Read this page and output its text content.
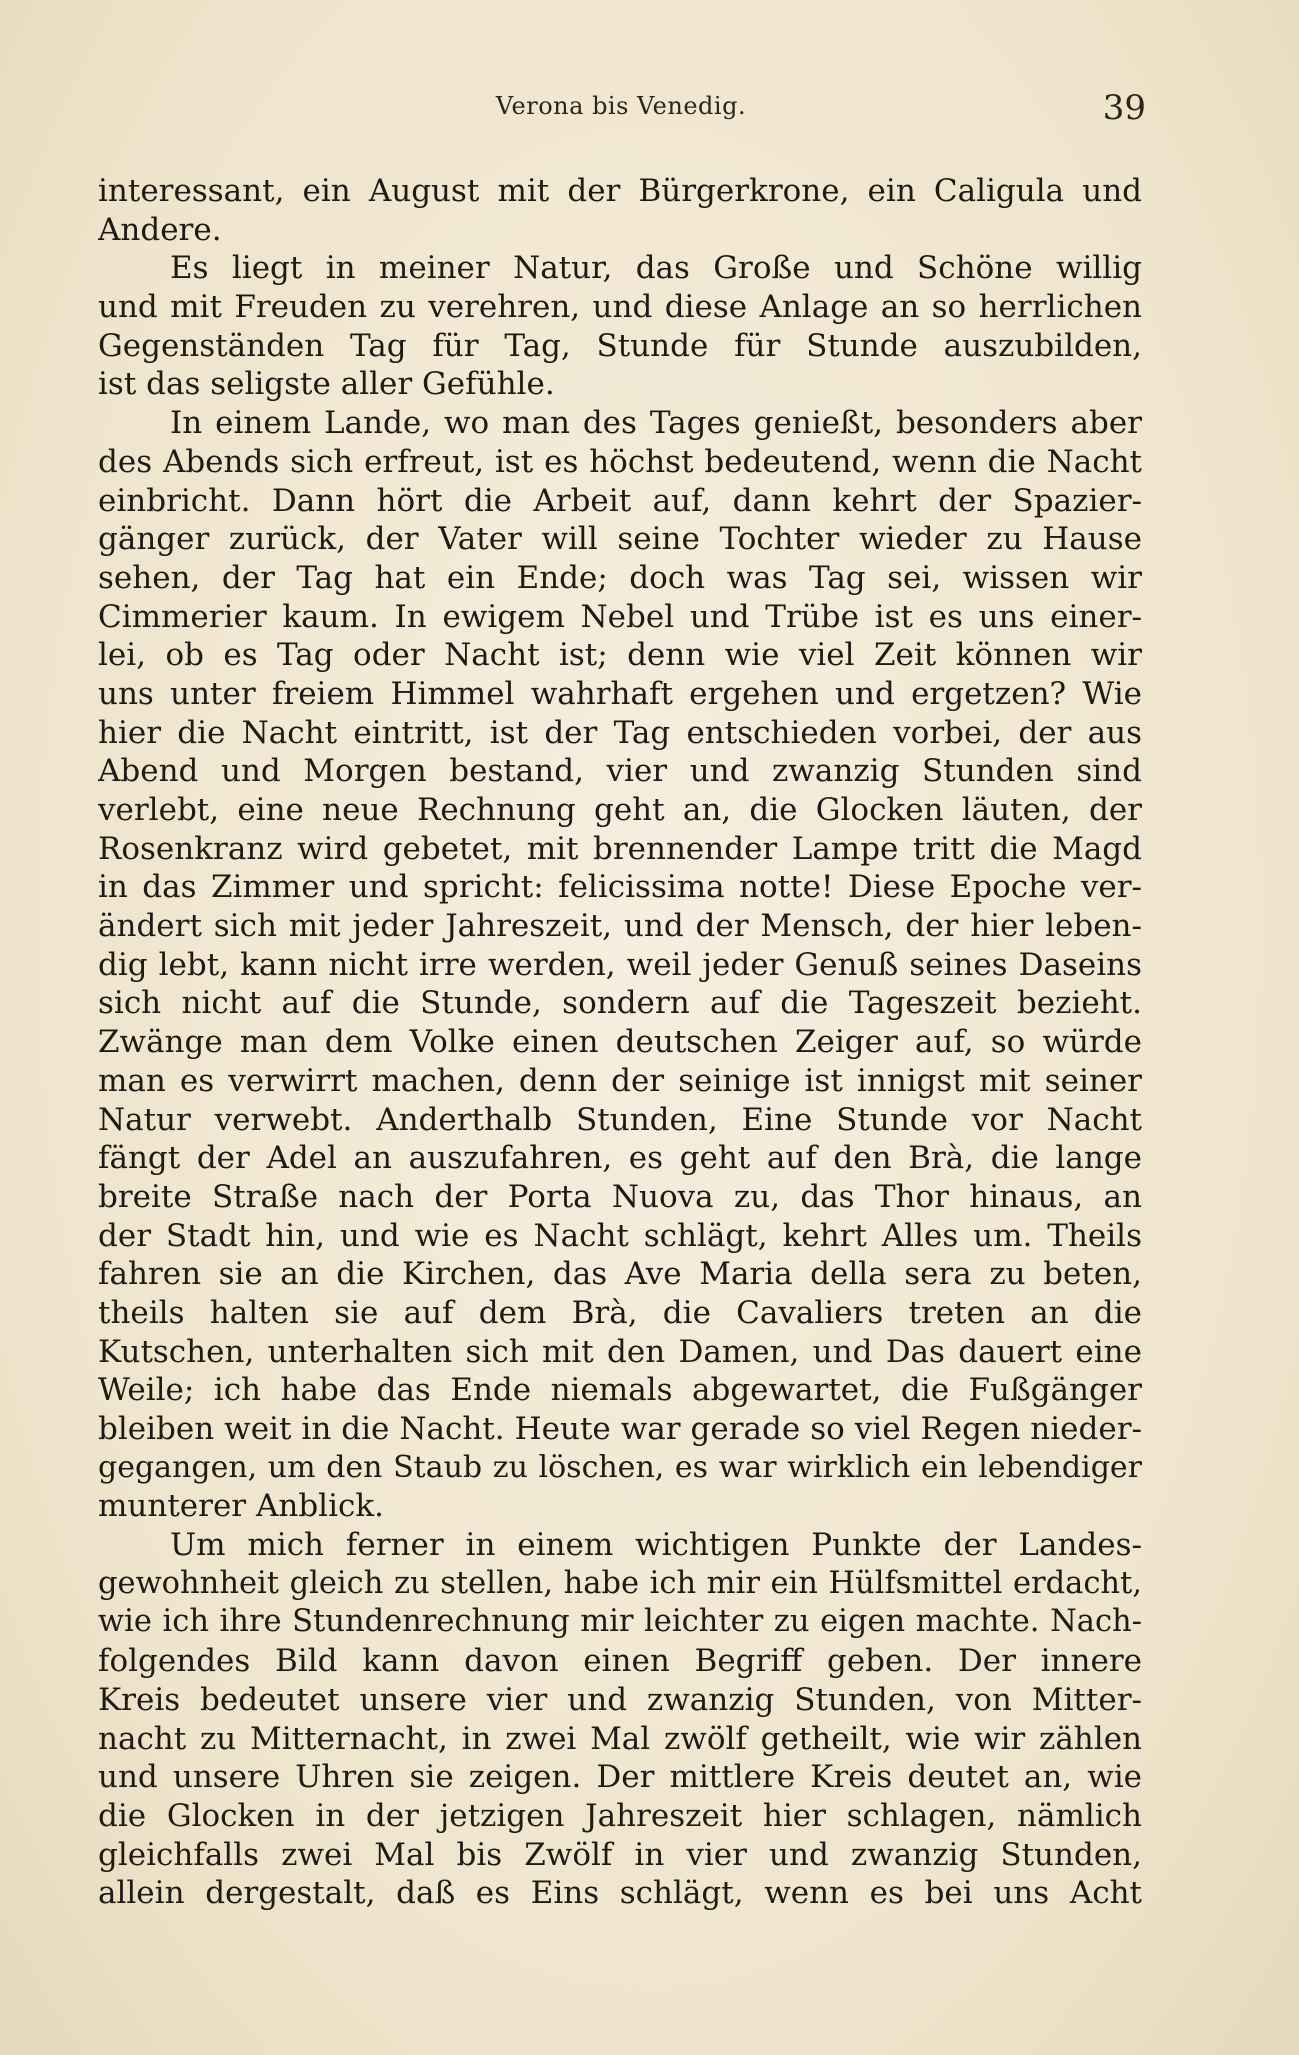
Verona bis Venedig.	39
interessant, ein August mit der Bürgerkrone, ein Caligula und
Andere.
Es liegt in meiner Natur, das Große und Schöne willig
und mit Freuden zu verehren, und diese Anlage an so herrlichen
Gegenständen Tag für Tag, Stunde für Stunde auszubilden,
ist das seligste aller Gefühle.
In einem Lande, wo man des Tages genießt, besonders aber
des Abends sich erfreut, ist es höchst bedeutend, wenn die Nacht
einbricht. Dann hört die Arbeit auf, dann kehrt der Spazier-
gänger zurück, der Vater will seine Tochter wieder zu Hause
sehen, der Tag hat ein Ende; doch was Tag sei, wissen wir
Cimmerier kaum. In ewigem Nebel und Trübe ist es uns einer-
lei, ob es Tag oder Nacht ist; denn wie viel Zeit können wir
uns unter freiem Himmel wahrhaft ergehen und ergetzen? Wie
hier die Nacht eintritt, ist der Tag entschieden vorbei, der aus
Abend und Morgen bestand, vier und zwanzig Stunden sind
verlebt, eine neue Rechnung geht an, die Glocken läuten, der
Rosenkranz wird gebetet, mit brennender Lampe tritt die Magd
in das Zimmer und spricht: felicissima notte! Diese Epoche ver-
ändert sich mit jeder Jahreszeit, und der Mensch, der hier leben-
dig lebt, kann nicht irre werden, weil jeder Genuß seines Daseins
sich nicht auf die Stunde, sondern auf die Tageszeit bezieht.
Zwänge man dem Volke einen deutschen Zeiger auf, so würde
man es verwirrt machen, denn der seinige ist innigst mit seiner
Natur verwebt. Anderthalb Stunden, Eine Stunde vor Nacht
fängt der Adel an auszufahren, es geht auf den Brà, die lange
breite Straße nach der Porta Nuova zu, das Thor hinaus, an
der Stadt hin, und wie es Nacht schlägt, kehrt Alles um. Theils
fahren sie an die Kirchen, das Ave Maria della sera zu beten,
theils halten sie auf dem Brà, die Cavaliers treten an die
Kutschen, unterhalten sich mit den Damen, und Das dauert eine
Weile; ich habe das Ende niemals abgewartet, die Fußgänger
bleiben weit in die Nacht. Heute war gerade so viel Regen nieder-
gegangen, um den Staub zu löschen, es war wirklich ein lebendiger
munterer Anblick.
Um mich ferner in einem wichtigen Punkte der Landes-
gewohnheit gleich zu stellen, habe ich mir ein Hülfsmittel erdacht,
wie ich ihre Stundenrechnung mir leichter zu eigen machte. Nach-
folgendes Bild kann davon einen Begriff geben. Der innere
Kreis bedeutet unsere vier und zwanzig Stunden, von Mitter-
nacht zu Mitternacht, in zwei Mal zwölf getheilt, wie wir zählen
und unsere Uhren sie zeigen. Der mittlere Kreis deutet an, wie
die Glocken in der jetzigen Jahreszeit hier schlagen, nämlich
gleichfalls zwei Mal bis Zwölf in vier und zwanzig Stunden,
allein dergestalt, daß es Eins schlägt, wenn es bei uns Acht
